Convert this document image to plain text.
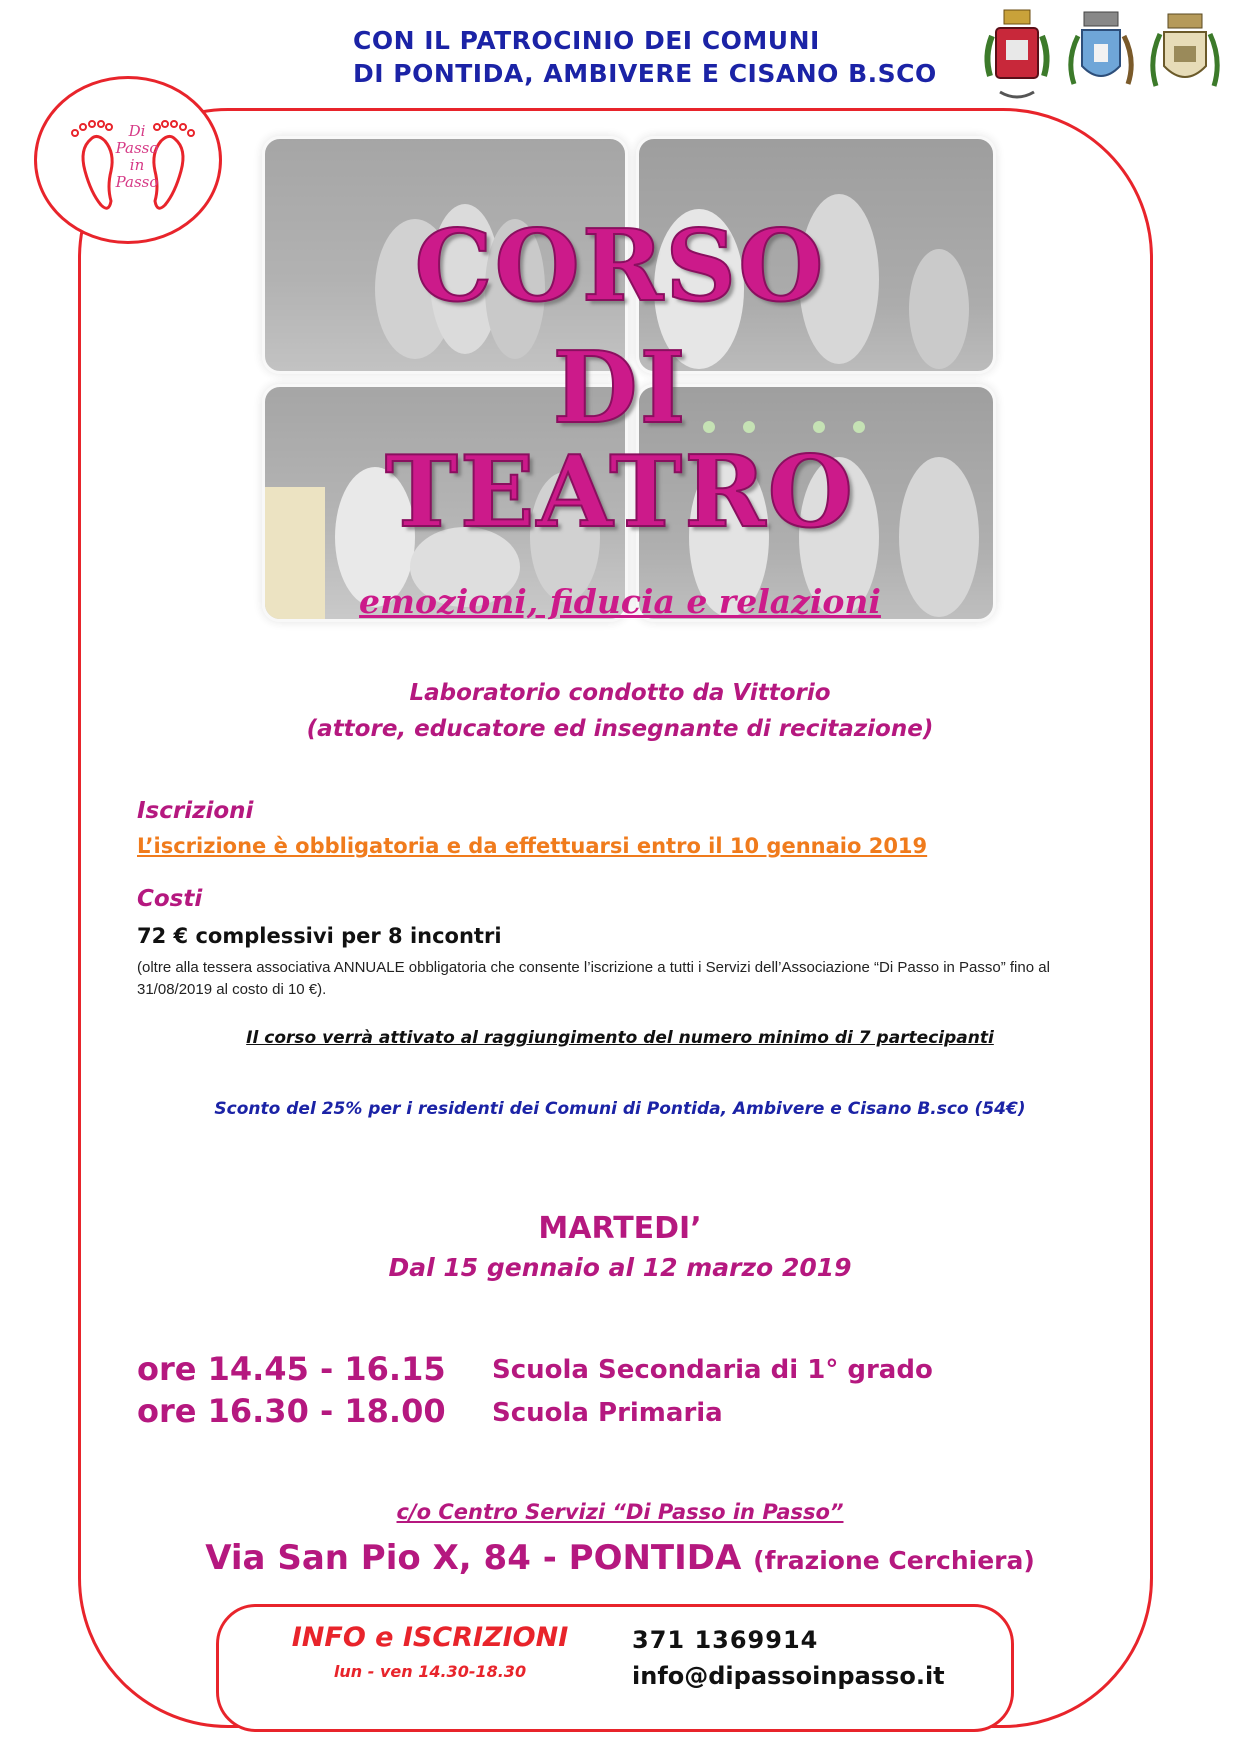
CON IL PATROCINIO DEI COMUNI
DI PONTIDA, AMBIVERE E CISANO B.SCO
Di
Passo
in
Passo
CORSO
DI
TEATRO
emozioni, fiducia e relazioni
Laboratorio condotto da Vittorio
(attore, educatore ed insegnante di recitazione)
Iscrizioni
L’iscrizione è obbligatoria e da effettuarsi entro il 10 gennaio 2019
Costi
72 € complessivi per 8 incontri
(oltre alla tessera associativa ANNUALE obbligatoria che consente l’iscrizione a tutti i Servizi dell’Associazione “Di Passo in Passo” fino al 31/08/2019 al costo di 10 €).
Il corso verrà attivato al raggiungimento del numero minimo di 7 partecipanti
Sconto del 25% per i residenti dei Comuni di Pontida, Ambivere e Cisano B.sco (54€)
MARTEDI’
Dal 15 gennaio al 12 marzo 2019
ore 14.45 - 16.15 Scuola Secondaria di 1° grado
ore 16.30 - 18.00 Scuola Primaria
c/o Centro Servizi “Di Passo in Passo”
Via San Pio X, 84 - PONTIDA (frazione Cerchiera)
INFO e ISCRIZIONI
lun - ven 14.30-18.30
371 1369914
info@dipassoinpasso.it
